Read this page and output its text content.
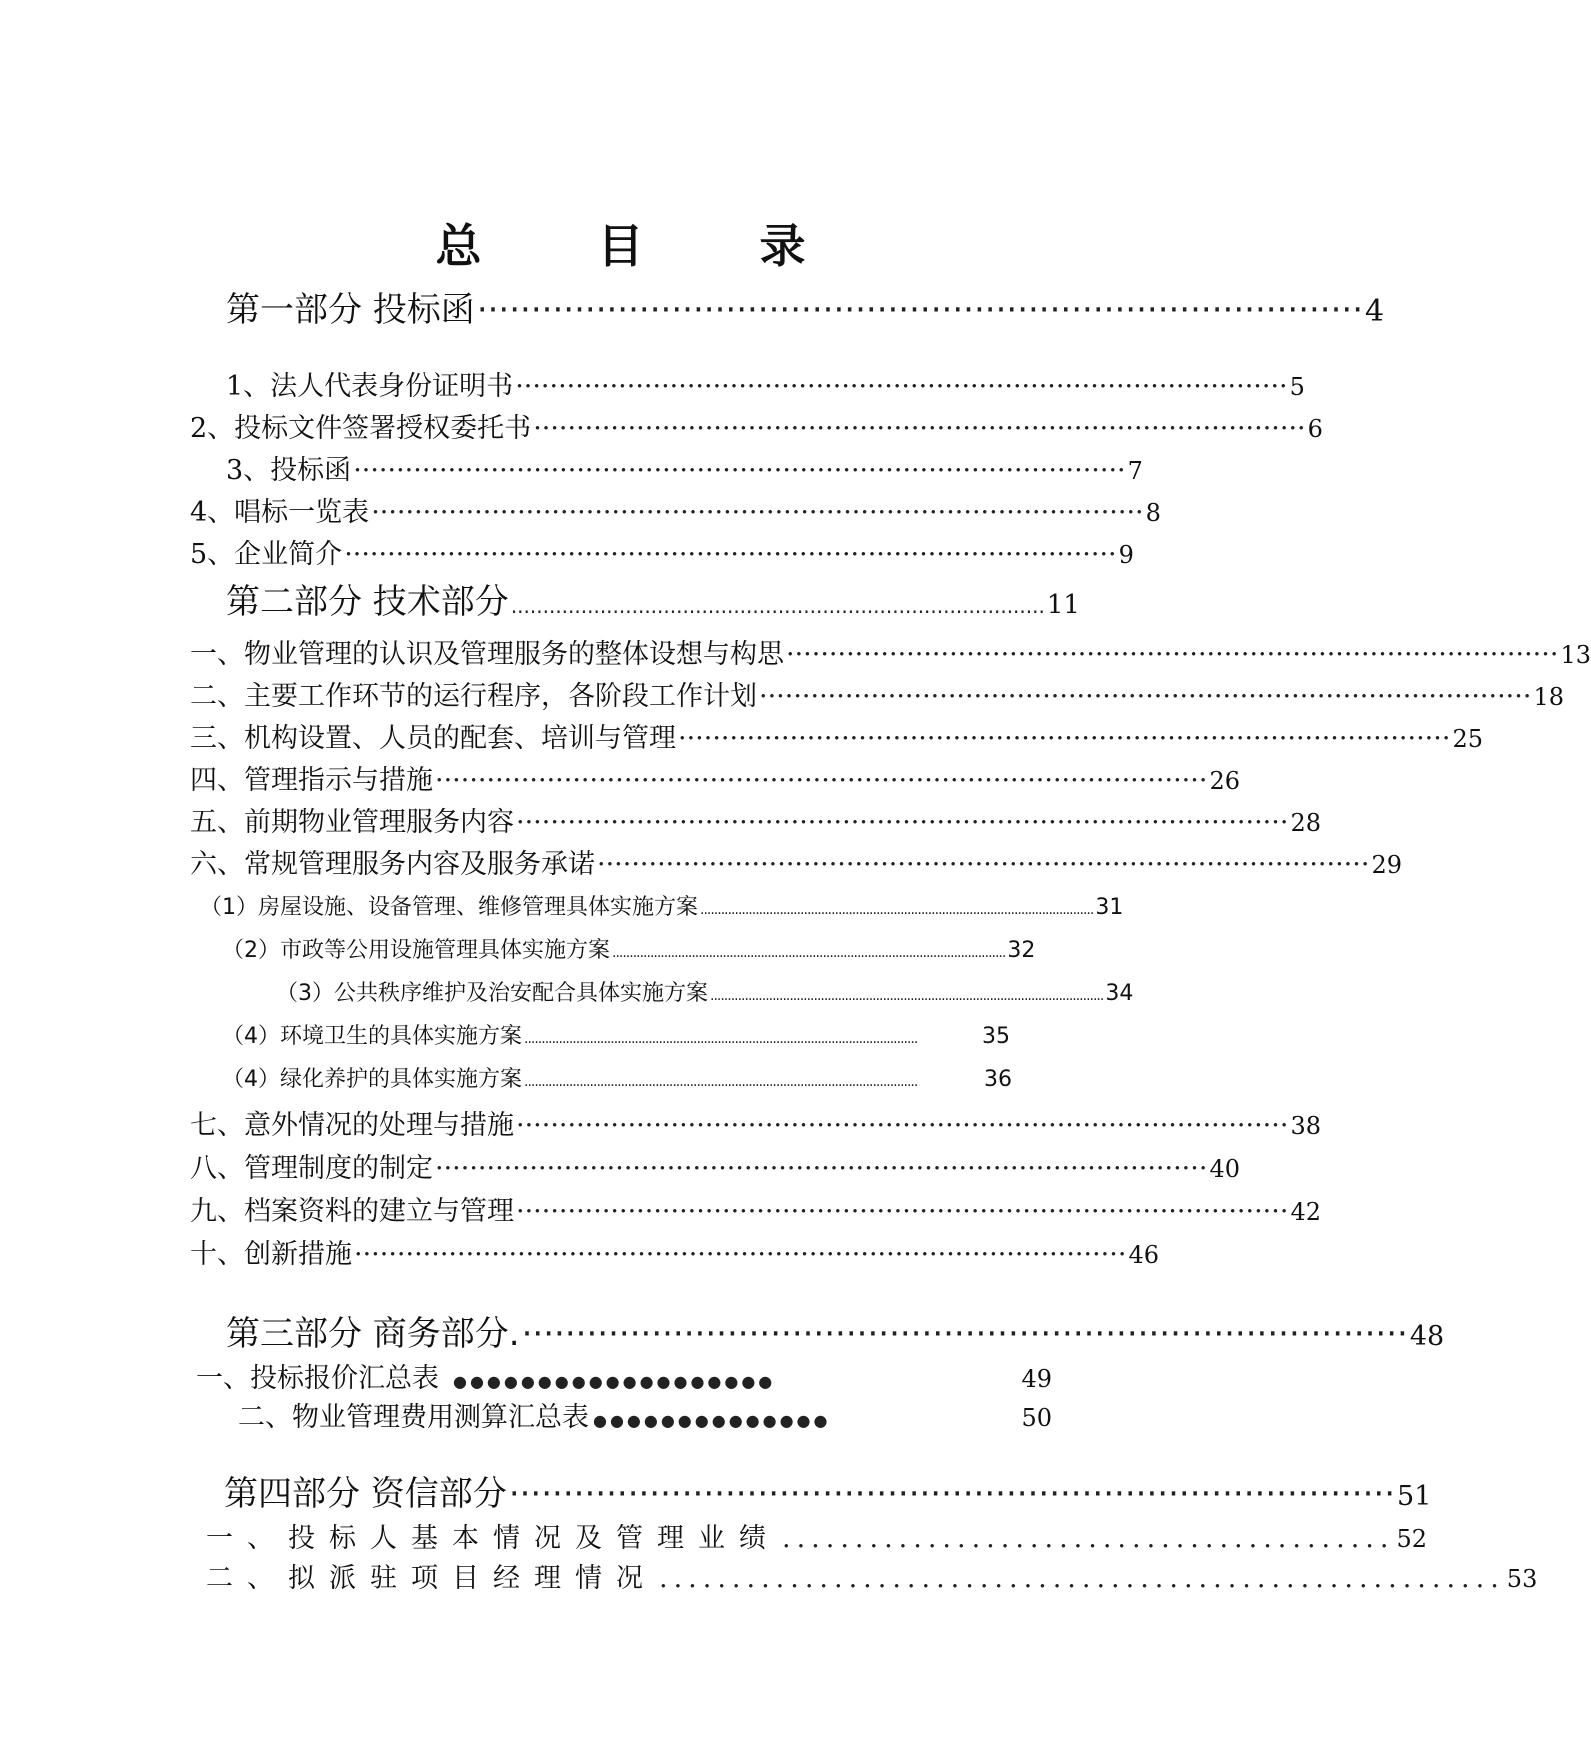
总 目 录
第一部分 投标函 ·················································································· 4
1、法人代表身份证明书 ·························································································· 5
2、投标文件签署授权委托书 ·························································································· 6
3、投标函 ·························································································· 7
4、唱标一览表 ·························································································· 8
5、企业简介 ·························································································· 9
第二部分 技术部分 .................................................................................... 11
一、物业管理的认识及管理服务的整体设想与构思 ·························································································· 13
二、主要工作环节的运行程序，各阶段工作计划 ·························································································· 18
三、机构设置、人员的配套、培训与管理 ·························································································· 25
四、管理指示与措施 ·························································································· 26
五、前期物业管理服务内容 ·························································································· 28
六、常规管理服务内容及服务承诺 ·························································································· 29
（1）房屋设施、设备管理、维修管理具体实施方案 .................................................................................................................. 31
（2）市政等公用设施管理具体实施方案 .................................................................................................................. 32
（3）公共秩序维护及治安配合具体实施方案 .................................................................................................................. 34
（4）环境卫生的具体实施方案 ..................................................................................................................	35
（4）绿化养护的具体实施方案 ..................................................................................................................	36
七、意外情况的处理与措施 ·························································································· 38
八、管理制度的制定 ·························································································· 40
九、档案资料的建立与管理 ·························································································· 42
十、创新措施 ·························································································· 46
第三部分 商务部分. ·················································································· 48
一、投标报价汇总表 ●●●●●●●●●●●●●●●●●●●	49
二、物业管理费用测算汇总表 ●●●●●●●●●●●●●●	50
第四部分 资信部分 ·················································································· 51
一、投标人基本情况及管理业绩 .......................................... 52
二、拟派驻项目经理情况 .......................................................... 53
